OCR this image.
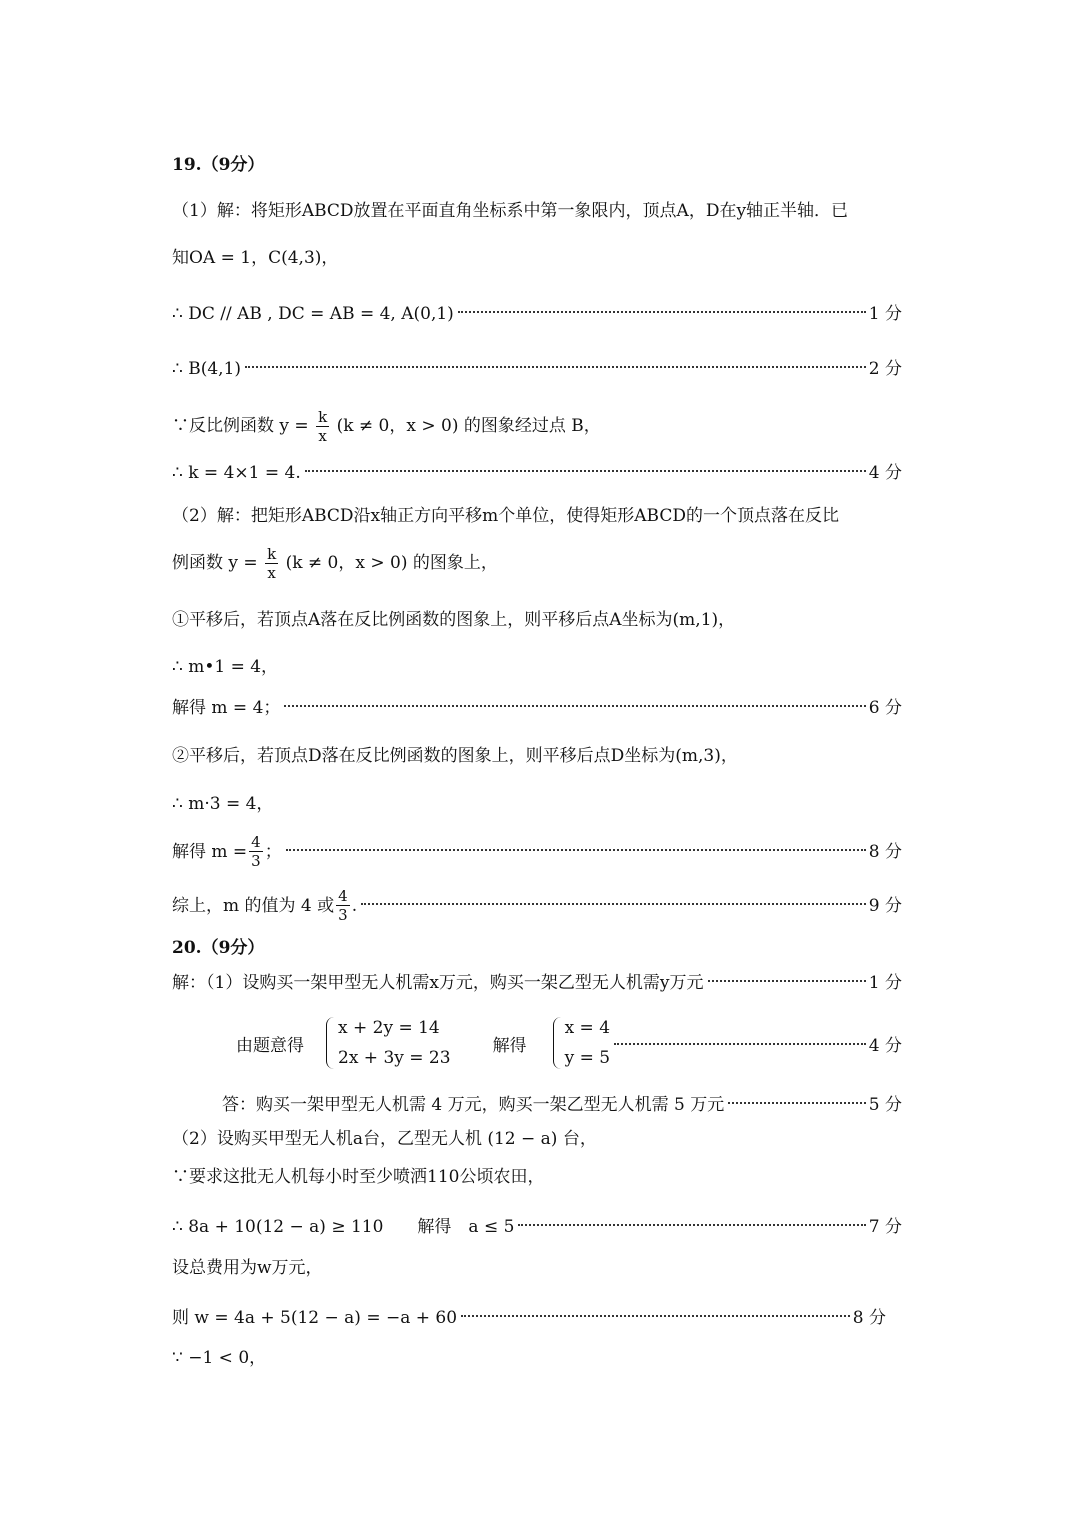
19.（9分）
（1）解：将矩形ABCD放置在平面直角坐标系中第一象限内，顶点A，D在y轴正半轴．已
知OA = 1，C(4,3)，
∴ DC // AB , DC = AB = 4, A(0,1)	1 分
∴ B(4,1)	2 分
∵反比例函数 $y = \frac{k}{x} (k \ne 0$，x > 0) 的图象经过点 B，
∴ k = 4×1 = 4.	4 分
（2）解：把矩形ABCD沿x轴正方向平移m个单位，使得矩形ABCD的一个顶点落在反比
例函数 $y = \frac{k}{x} (k \ne 0$，x > 0) 的图象上，
①平移后，若顶点A落在反比例函数的图象上，则平移后点A坐标为(m,1)，
∴ m•1 = 4，
解得 m = 4；	6 分
②平移后，若顶点D落在反比例函数的图象上，则平移后点D坐标为(m,3)，
∴ m·3 = 4，
解得 $m = \frac{4}{3}$ ；	8 分
综上，m 的值为 4 或 $\frac{4}{3}$ .	9 分
20.（9分）
解：（1）设购买一架甲型无人机需x万元，购买一架乙型无人机需y万元	1 分
由题意得
x + 2y = 14
2x + 3y = 23
解得
x = 4
y = 5
4 分
答：购买一架甲型无人机需 4 万元，购买一架乙型无人机需 5 万元	5 分
（2）设购买甲型无人机a台，乙型无人机 (12 − a) 台，
∵要求这批无人机每小时至少喷洒110公顷农田，
∴ 8a + 10(12 − a) ≥ 110　　解得　a ≤ 5	7 分
设总费用为w万元，
则 w = 4a + 5(12 − a) = −a + 60	8 分
∵ −1 < 0，
